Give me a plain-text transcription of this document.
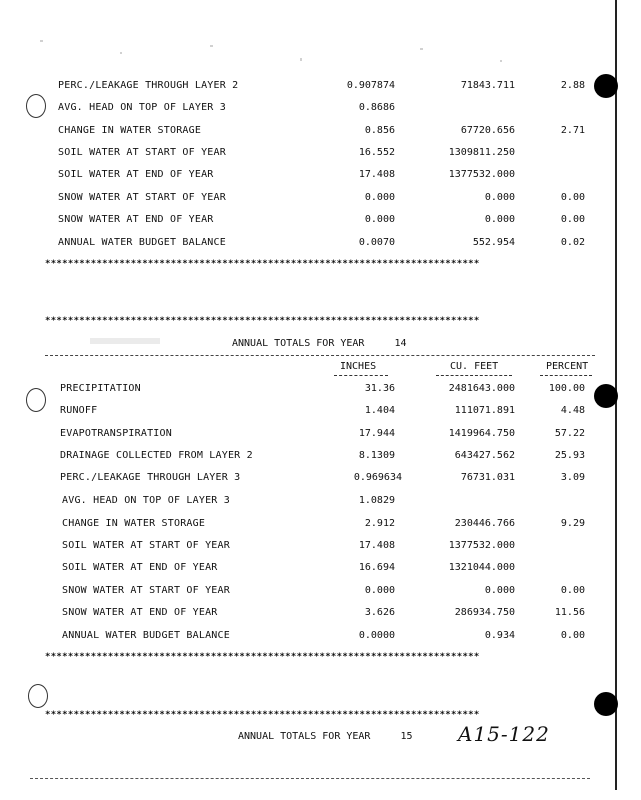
PERC./LEAKAGE THROUGH LAYER 2	0.907874	71843.711	2.88
AVG. HEAD ON TOP OF LAYER 3	0.8686
CHANGE IN WATER STORAGE	0.856	67720.656	2.71
SOIL WATER AT START OF YEAR	16.552	1309811.250
SOIL WATER AT END OF YEAR	17.408	1377532.000
SNOW WATER AT START OF YEAR	0.000	0.000	0.00
SNOW WATER AT END OF YEAR	0.000	0.000	0.00
ANNUAL WATER BUDGET BALANCE	0.0070	552.954	0.02
****************************************************************************
****************************************************************************
ANNUAL TOTALS FOR YEAR	14
INCHES	CU. FEET	PERCENT
PRECIPITATION	31.36	2481643.000	100.00
RUNOFF	1.404	111071.891	4.48
EVAPOTRANSPIRATION	17.944	1419964.750	57.22
DRAINAGE COLLECTED FROM LAYER 2	8.1309	643427.562	25.93
PERC./LEAKAGE THROUGH LAYER 3	0.969634	76731.031	3.09
AVG. HEAD ON TOP OF LAYER 3	1.0829
CHANGE IN WATER STORAGE	2.912	230446.766	9.29
SOIL WATER AT START OF YEAR	17.408	1377532.000
SOIL WATER AT END OF YEAR	16.694	1321044.000
SNOW WATER AT START OF YEAR	0.000	0.000	0.00
SNOW WATER AT END OF YEAR	3.626	286934.750	11.56
ANNUAL WATER BUDGET BALANCE	0.0000	0.934	0.00
****************************************************************************
****************************************************************************
ANNUAL TOTALS FOR YEAR	15 A15-122
